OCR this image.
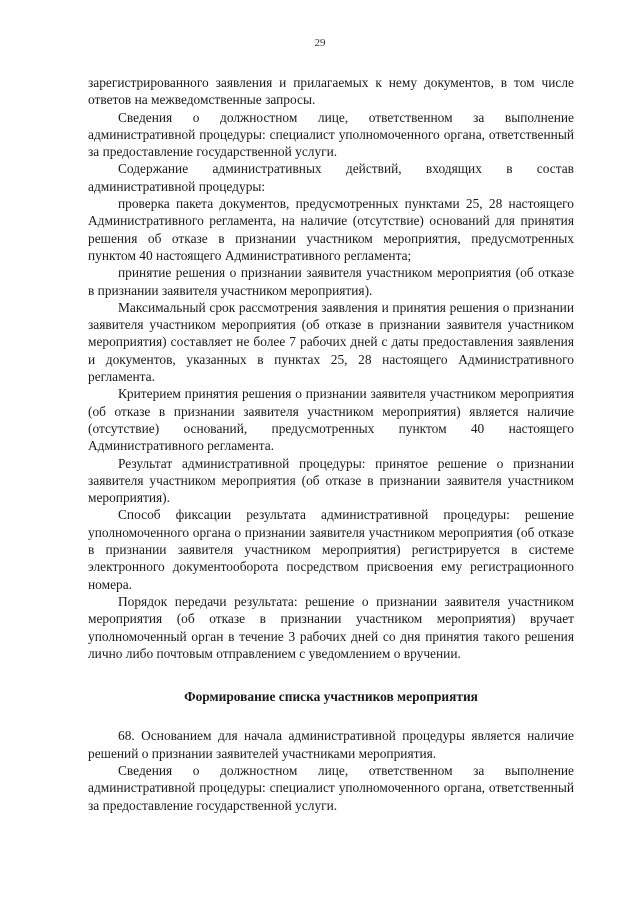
29

зарегистрированного заявления и прилагаемых к нему документов, в том числе ответов на межведомственные запросы.

Сведения о должностном лице, ответственном за выполнение административной процедуры: специалист уполномоченного органа, ответственный за предоставление государственной услуги.

Содержание административных действий, входящих в состав административной процедуры:

проверка пакета документов, предусмотренных пунктами 25, 28 настоящего Административного регламента, на наличие (отсутствие) оснований для принятия решения об отказе в признании участником мероприятия, предусмотренных пунктом 40 настоящего Административного регламента;

принятие решения о признании заявителя участником мероприятия (об отказе в признании заявителя участником мероприятия).

Максимальный срок рассмотрения заявления и принятия решения о признании заявителя участником мероприятия (об отказе в признании заявителя участником мероприятия) составляет не более 7 рабочих дней с даты предоставления заявления и документов, указанных в пунктах 25, 28 настоящего Административного регламента.

Критерием принятия решения о признании заявителя участником мероприятия (об отказе в признании заявителя участником мероприятия) является наличие (отсутствие) оснований, предусмотренных пунктом 40 настоящего Административного регламента.

Результат административной процедуры: принятое решение о признании заявителя участником мероприятия (об отказе в признании заявителя участником мероприятия).

Способ фиксации результата административной процедуры: решение уполномоченного органа о признании заявителя участником мероприятия (об отказе в признании заявителя участником мероприятия) регистрируется в системе электронного документооборота посредством присвоения ему регистрационного номера.

Порядок передачи результата: решение о признании заявителя участником мероприятия (об отказе в признании участником мероприятия) вручает уполномоченный орган в течение 3 рабочих дней со дня принятия такого решения лично либо почтовым отправлением с уведомлением о вручении.

Формирование списка участников мероприятия

68. Основанием для начала административной процедуры является наличие решений о признании заявителей участниками мероприятия.

Сведения о должностном лице, ответственном за выполнение административной процедуры: специалист уполномоченного органа, ответственный за предоставление государственной услуги.
